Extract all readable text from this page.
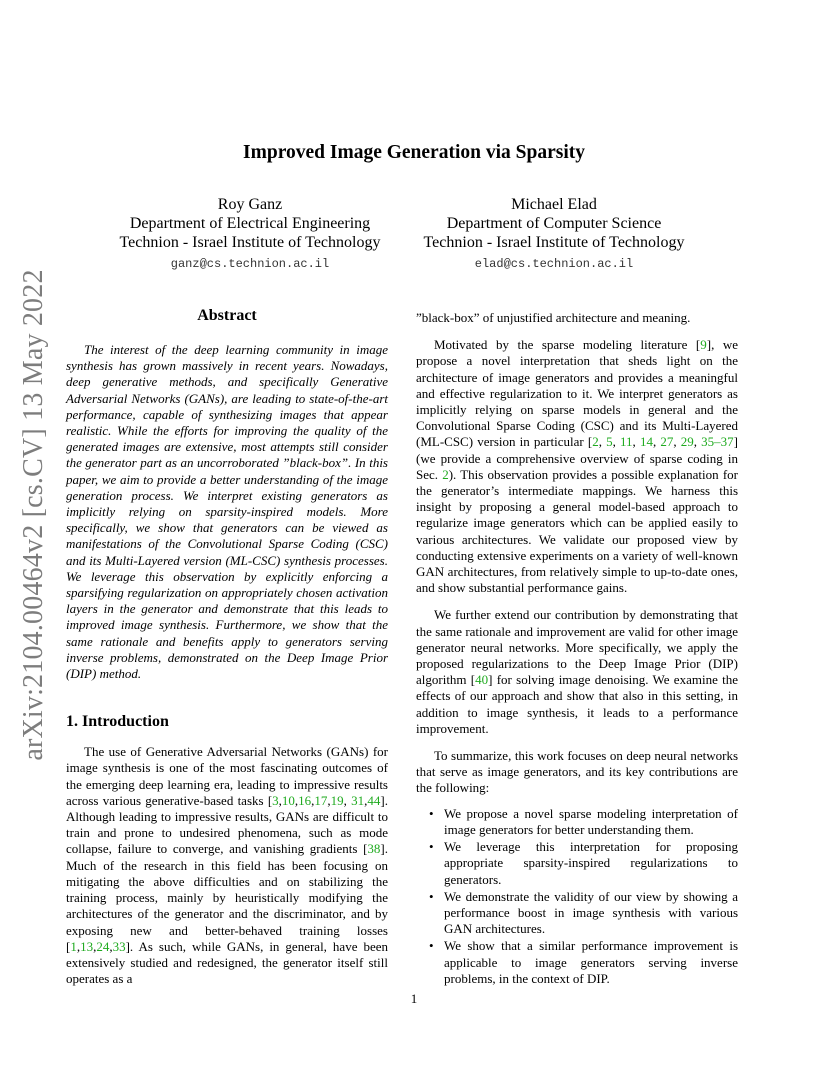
arXiv:2104.00464v2 [cs.CV] 13 May 2022
Improved Image Generation via Sparsity
Roy Ganz
Department of Electrical Engineering
Technion - Israel Institute of Technology
ganz@cs.technion.ac.il
Michael Elad
Department of Computer Science
Technion - Israel Institute of Technology
elad@cs.technion.ac.il
Abstract

The interest of the deep learning community in image synthesis has grown massively in recent years. Nowadays, deep generative methods, and specifically Generative Adversarial Networks (GANs), are leading to state-of-the-art performance, capable of synthesizing images that appear realistic. While the efforts for improving the quality of the generated images are extensive, most attempts still consider the generator part as an uncorroborated ”black-box”. In this paper, we aim to provide a better understanding of the image generation process. We interpret existing generators as implicitly relying on sparsity-inspired models. More specifically, we show that generators can be viewed as manifestations of the Convolutional Sparse Coding (CSC) and its Multi-Layered version (ML-CSC) synthesis processes. We leverage this observation by explicitly enforcing a sparsifying regularization on appropriately chosen activation layers in the generator and demonstrate that this leads to improved image synthesis. Furthermore, we show that the same rationale and benefits apply to generators serving inverse problems, demonstrated on the Deep Image Prior (DIP) method.

1. Introduction

The use of Generative Adversarial Networks (GANs) for image synthesis is one of the most fascinating outcomes of the emerging deep learning era, leading to impressive results across various generative-based tasks [3,10,16,17,19, 31,44]. Although leading to impressive results, GANs are difficult to train and prone to undesired phenomena, such as mode collapse, failure to converge, and vanishing gradients [38]. Much of the research in this field has been focusing on mitigating the above difficulties and on stabilizing the training process, mainly by heuristically modifying the architectures of the generator and the discriminator, and by exposing new and better-behaved training losses [1,13,24,33]. As such, while GANs, in general, have been extensively studied and redesigned, the generator itself still operates as a

”black-box” of unjustified architecture and meaning.

Motivated by the sparse modeling literature [9], we propose a novel interpretation that sheds light on the architecture of image generators and provides a meaningful and effective regularization to it. We interpret generators as implicitly relying on sparse models in general and the Convolutional Sparse Coding (CSC) and its Multi-Layered (ML-CSC) version in particular [2, 5, 11, 14, 27, 29, 35–37] (we provide a comprehensive overview of sparse coding in Sec. 2). This observation provides a possible explanation for the generator’s intermediate mappings. We harness this insight by proposing a general model-based approach to regularize image generators which can be applied easily to various architectures. We validate our proposed view by conducting extensive experiments on a variety of well-known GAN architectures, from relatively simple to up-to-date ones, and show substantial performance gains.

We further extend our contribution by demonstrating that the same rationale and improvement are valid for other image generator neural networks. More specifically, we apply the proposed regularizations to the Deep Image Prior (DIP) algorithm [40] for solving image denoising. We examine the effects of our approach and show that also in this setting, in addition to image synthesis, it leads to a performance improvement.

To summarize, this work focuses on deep neural networks that serve as image generators, and its key contributions are the following:

• We propose a novel sparse modeling interpretation of image generators for better understanding them.
• We leverage this interpretation for proposing appropriate sparsity-inspired regularizations to generators.
• We demonstrate the validity of our view by showing a performance boost in image synthesis with various GAN architectures.
• We show that a similar performance improvement is applicable to image generators serving inverse problems, in the context of DIP.
1
